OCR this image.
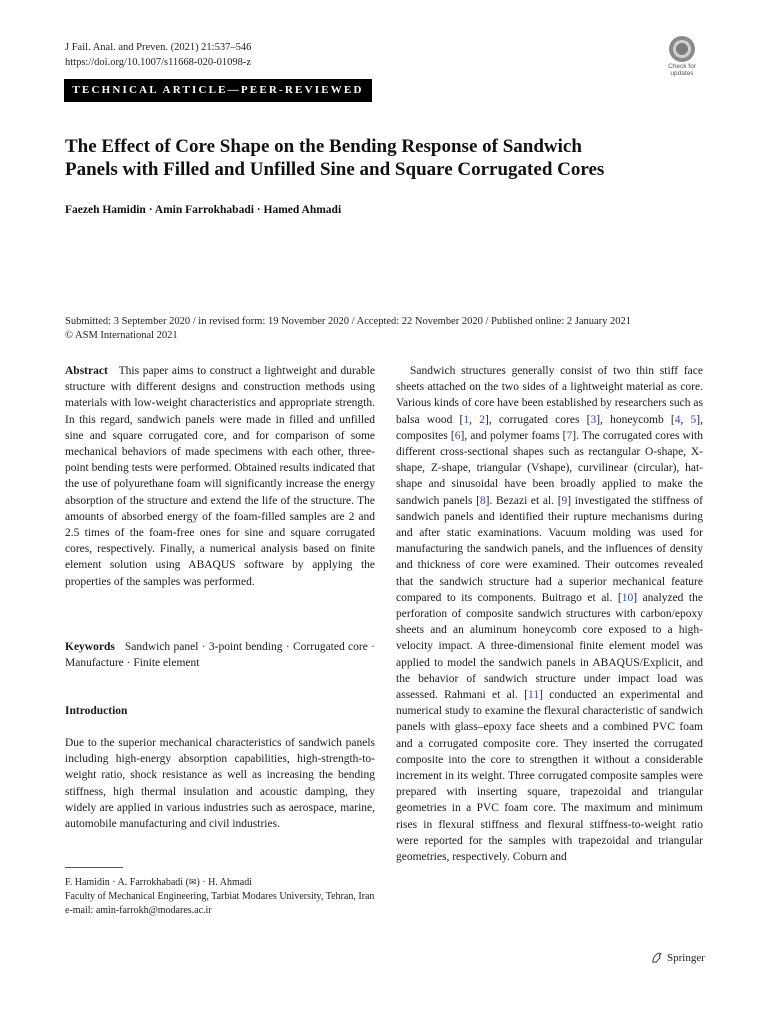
J Fail. Anal. and Preven. (2021) 21:537–546
https://doi.org/10.1007/s11668-020-01098-z	Check for
updates
TECHNICAL ARTICLE—PEER-REVIEWED
The Effect of Core Shape on the Bending Response of Sandwich
Panels with Filled and Unfilled Sine and Square Corrugated Cores
Faezeh Hamidin · Amin Farrokhabadi · Hamed Ahmadi
Submitted: 3 September 2020 / in revised form: 19 November 2020 / Accepted: 22 November 2020 / Published online: 2 January 2021
© ASM International 2021

Abstract This paper aims to construct a lightweight and durable structure with different designs and construction methods using materials with low-weight characteristics and appropriate strength. In this regard, sandwich panels were made in filled and unfilled sine and square corrugated core, and for comparison of some mechanical behaviors of made specimens with each other, three-point bending tests were performed. Obtained results indicated that the use of polyurethane foam will significantly increase the energy absorption of the structure and extend the life of the structure. The amounts of absorbed energy of the foam-filled samples are 2 and 2.5 times of the foam-free ones for sine and square corrugated cores, respectively. Finally, a numerical analysis based on finite element solution using ABAQUS software by applying the properties of the samples was performed.

Keywords Sandwich panel · 3-point bending · Corrugated core · Manufacture · Finite element

Introduction
Due to the superior mechanical characteristics of sandwich panels including high-energy absorption capabilities, high-strength-to-weight ratio, shock resistance as well as increasing the bending stiffness, high thermal insulation and acoustic damping, they widely are applied in various industries such as aerospace, marine, automobile manufacturing and civil industries.
F. Hamidin · A. Farrokhabadi (✉) · H. Ahmadi
Faculty of Mechanical Engineering, Tarbiat Modares University, Tehran, Iran
e-mail: amin-farrokh@modares.ac.ir

Sandwich structures generally consist of two thin stiff face sheets attached on the two sides of a lightweight material as core. Various kinds of core have been established by researchers such as balsa wood [1, 2], corrugated cores [3], honeycomb [4, 5], composites [6], and polymer foams [7]. The corrugated cores with different cross-sectional shapes such as rectangular O-shape, X-shape, Z-shape, triangular (Vshape), curvilinear (circular), hat-shape and sinusoidal have been broadly applied to make the sandwich panels [8]. Bezazi et al. [9] investigated the stiffness of sandwich panels and identified their rupture mechanisms during and after static examinations. Vacuum molding was used for manufacturing the sandwich panels, and the influences of density and thickness of core were examined. Their outcomes revealed that the sandwich structure had a superior mechanical feature compared to its components. Buitrago et al. [10] analyzed the perforation of composite sandwich structures with carbon/epoxy sheets and an aluminum honeycomb core exposed to a high-velocity impact. A three-dimensional finite element model was applied to model the sandwich panels in ABAQUS/Explicit, and the behavior of sandwich structure under impact load was assessed. Rahmani et al. [11] conducted an experimental and numerical study to examine the flexural characteristic of sandwich panels with glass–epoxy face sheets and a combined PVC foam and a corrugated composite core. They inserted the corrugated composite into the core to strengthen it without a considerable increment in its weight. Three corrugated composite samples were prepared with inserting square, trapezoidal and triangular geometries in a PVC foam core. The maximum and minimum rises in flexural stiffness and flexural stiffness-to-weight ratio were reported for the samples with trapezoidal and triangular geometries, respectively. Coburn and

Springer
